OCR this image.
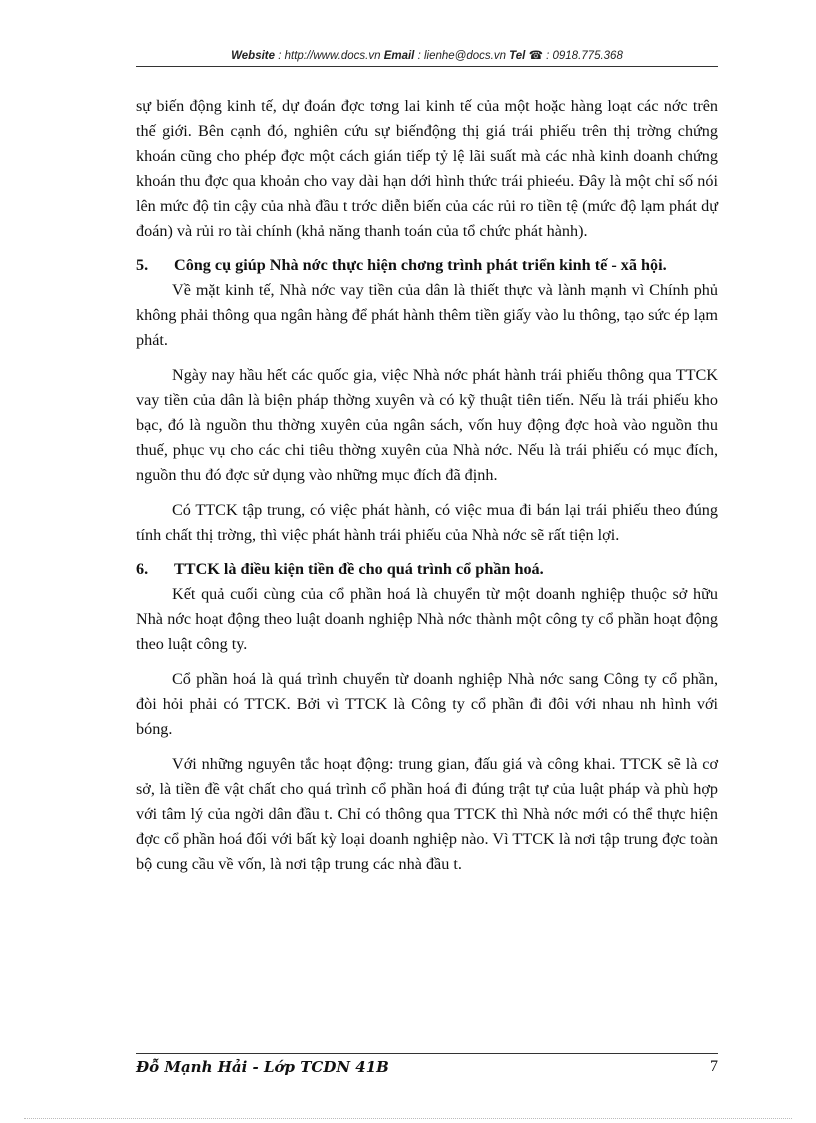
Website : http://www.docs.vn Email : lienhe@docs.vn Tel ☎ : 0918.775.368

sự biến động kinh tế, dự đoán đợc tơng lai kinh tế của một hoặc hàng loạt các nớc trên thế giới. Bên cạnh đó, nghiên cứu sự biếnđộng thị giá trái phiếu trên thị trờng chứng khoán cũng cho phép đợc một cách gián tiếp tỷ lệ lãi suất mà các nhà kinh doanh chứng khoán thu đợc qua khoản cho vay dài hạn dới hình thức trái phieéu. Đây là một chỉ số nói lên mức độ tin cậy của nhà đầu t trớc diễn biến của các rủi ro tiền tệ (mức độ lạm phát dự đoán) và rủi ro tài chính (khả năng thanh toán của tổ chức phát hành).

5.	Công cụ giúp Nhà nớc thực hiện chơng trình phát triển kinh tế - xã hội.

Về mặt kinh tế, Nhà nớc vay tiền của dân là thiết thực và lành mạnh vì Chính phủ không phải thông qua ngân hàng để phát hành thêm tiền giấy vào lu thông, tạo sức ép lạm phát.

Ngày nay hầu hết các quốc gia, việc Nhà nớc phát hành trái phiếu thông qua TTCK vay tiền của dân là biện pháp thờng xuyên và có kỹ thuật tiên tiến. Nếu là trái phiếu kho bạc, đó là nguồn thu thờng xuyên của ngân sách, vốn huy động đợc hoà vào nguồn thu thuế, phục vụ cho các chi tiêu thờng xuyên của Nhà nớc. Nếu là trái phiếu có mục đích, nguồn thu đó đợc sử dụng vào những mục đích đã định.

Có TTCK tập trung, có việc phát hành, có việc mua đi bán lại trái phiếu theo đúng tính chất thị trờng, thì việc phát hành trái phiếu của Nhà nớc sẽ rất tiện lợi.

6.	TTCK là điều kiện tiền đề cho quá trình cổ phần hoá.

Kết quả cuối cùng của cổ phần hoá là chuyển từ một doanh nghiệp thuộc sở hữu Nhà nớc hoạt động theo luật doanh nghiệp Nhà nớc thành một công ty cổ phần hoạt động theo luật công ty.

Cổ phần hoá là quá trình chuyển từ doanh nghiệp Nhà nớc sang Công ty cổ phần, đòi hỏi phải có TTCK. Bởi vì TTCK là Công ty cổ phần đi đôi với nhau nh hình với bóng.

Với những nguyên tắc hoạt động: trung gian, đấu giá và công khai. TTCK sẽ là cơ sở, là tiền đề vật chất cho quá trình cổ phần hoá đi đúng trật tự của luật pháp và phù hợp với tâm lý của ngời dân đầu t. Chỉ có thông qua TTCK thì Nhà nớc mới có thể thực hiện đợc cổ phần hoá đối với bất kỳ loại doanh nghiệp nào. Vì TTCK là nơi tập trung đợc toàn bộ cung cầu về vốn, là nơi tập trung các nhà đầu t.

Đỗ Mạnh Hải - Lớp TCDN 41B	7
